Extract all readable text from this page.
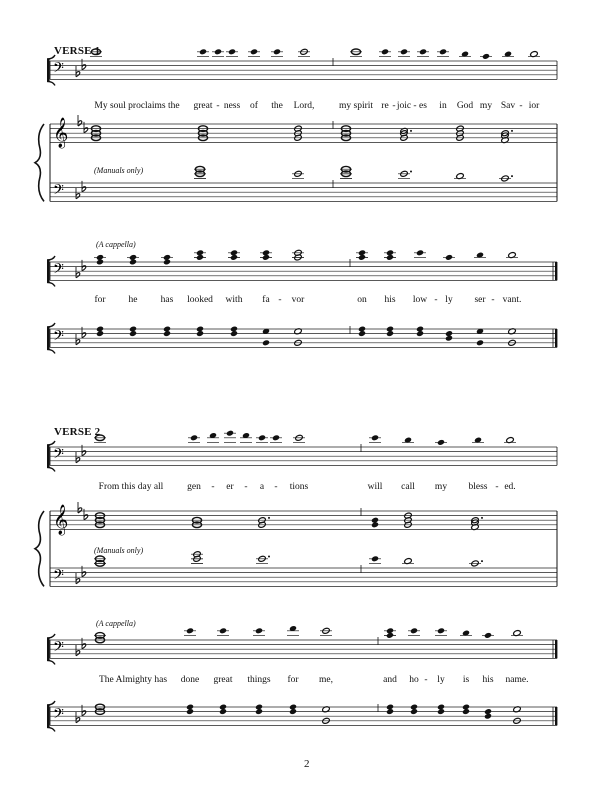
VERSE 1
(Manuals only)
(A cappella)
VERSE 2
(Manuals only)
(A cappella)
2
My soul proclaims the great - ness of the Lord,	my spirit re - joic - es in God my Sav - ior
for he has looked with fa - vor	on his low - ly ser - vant.
From this day all	gen - er - a - tions	will call my bless - ed.
The Almighty has done great things for me,	and ho - ly is his name.
𝄢
𝄞
𝄢
𝄢
𝄢
𝄢
𝄞
𝄢
𝄢
𝄢
